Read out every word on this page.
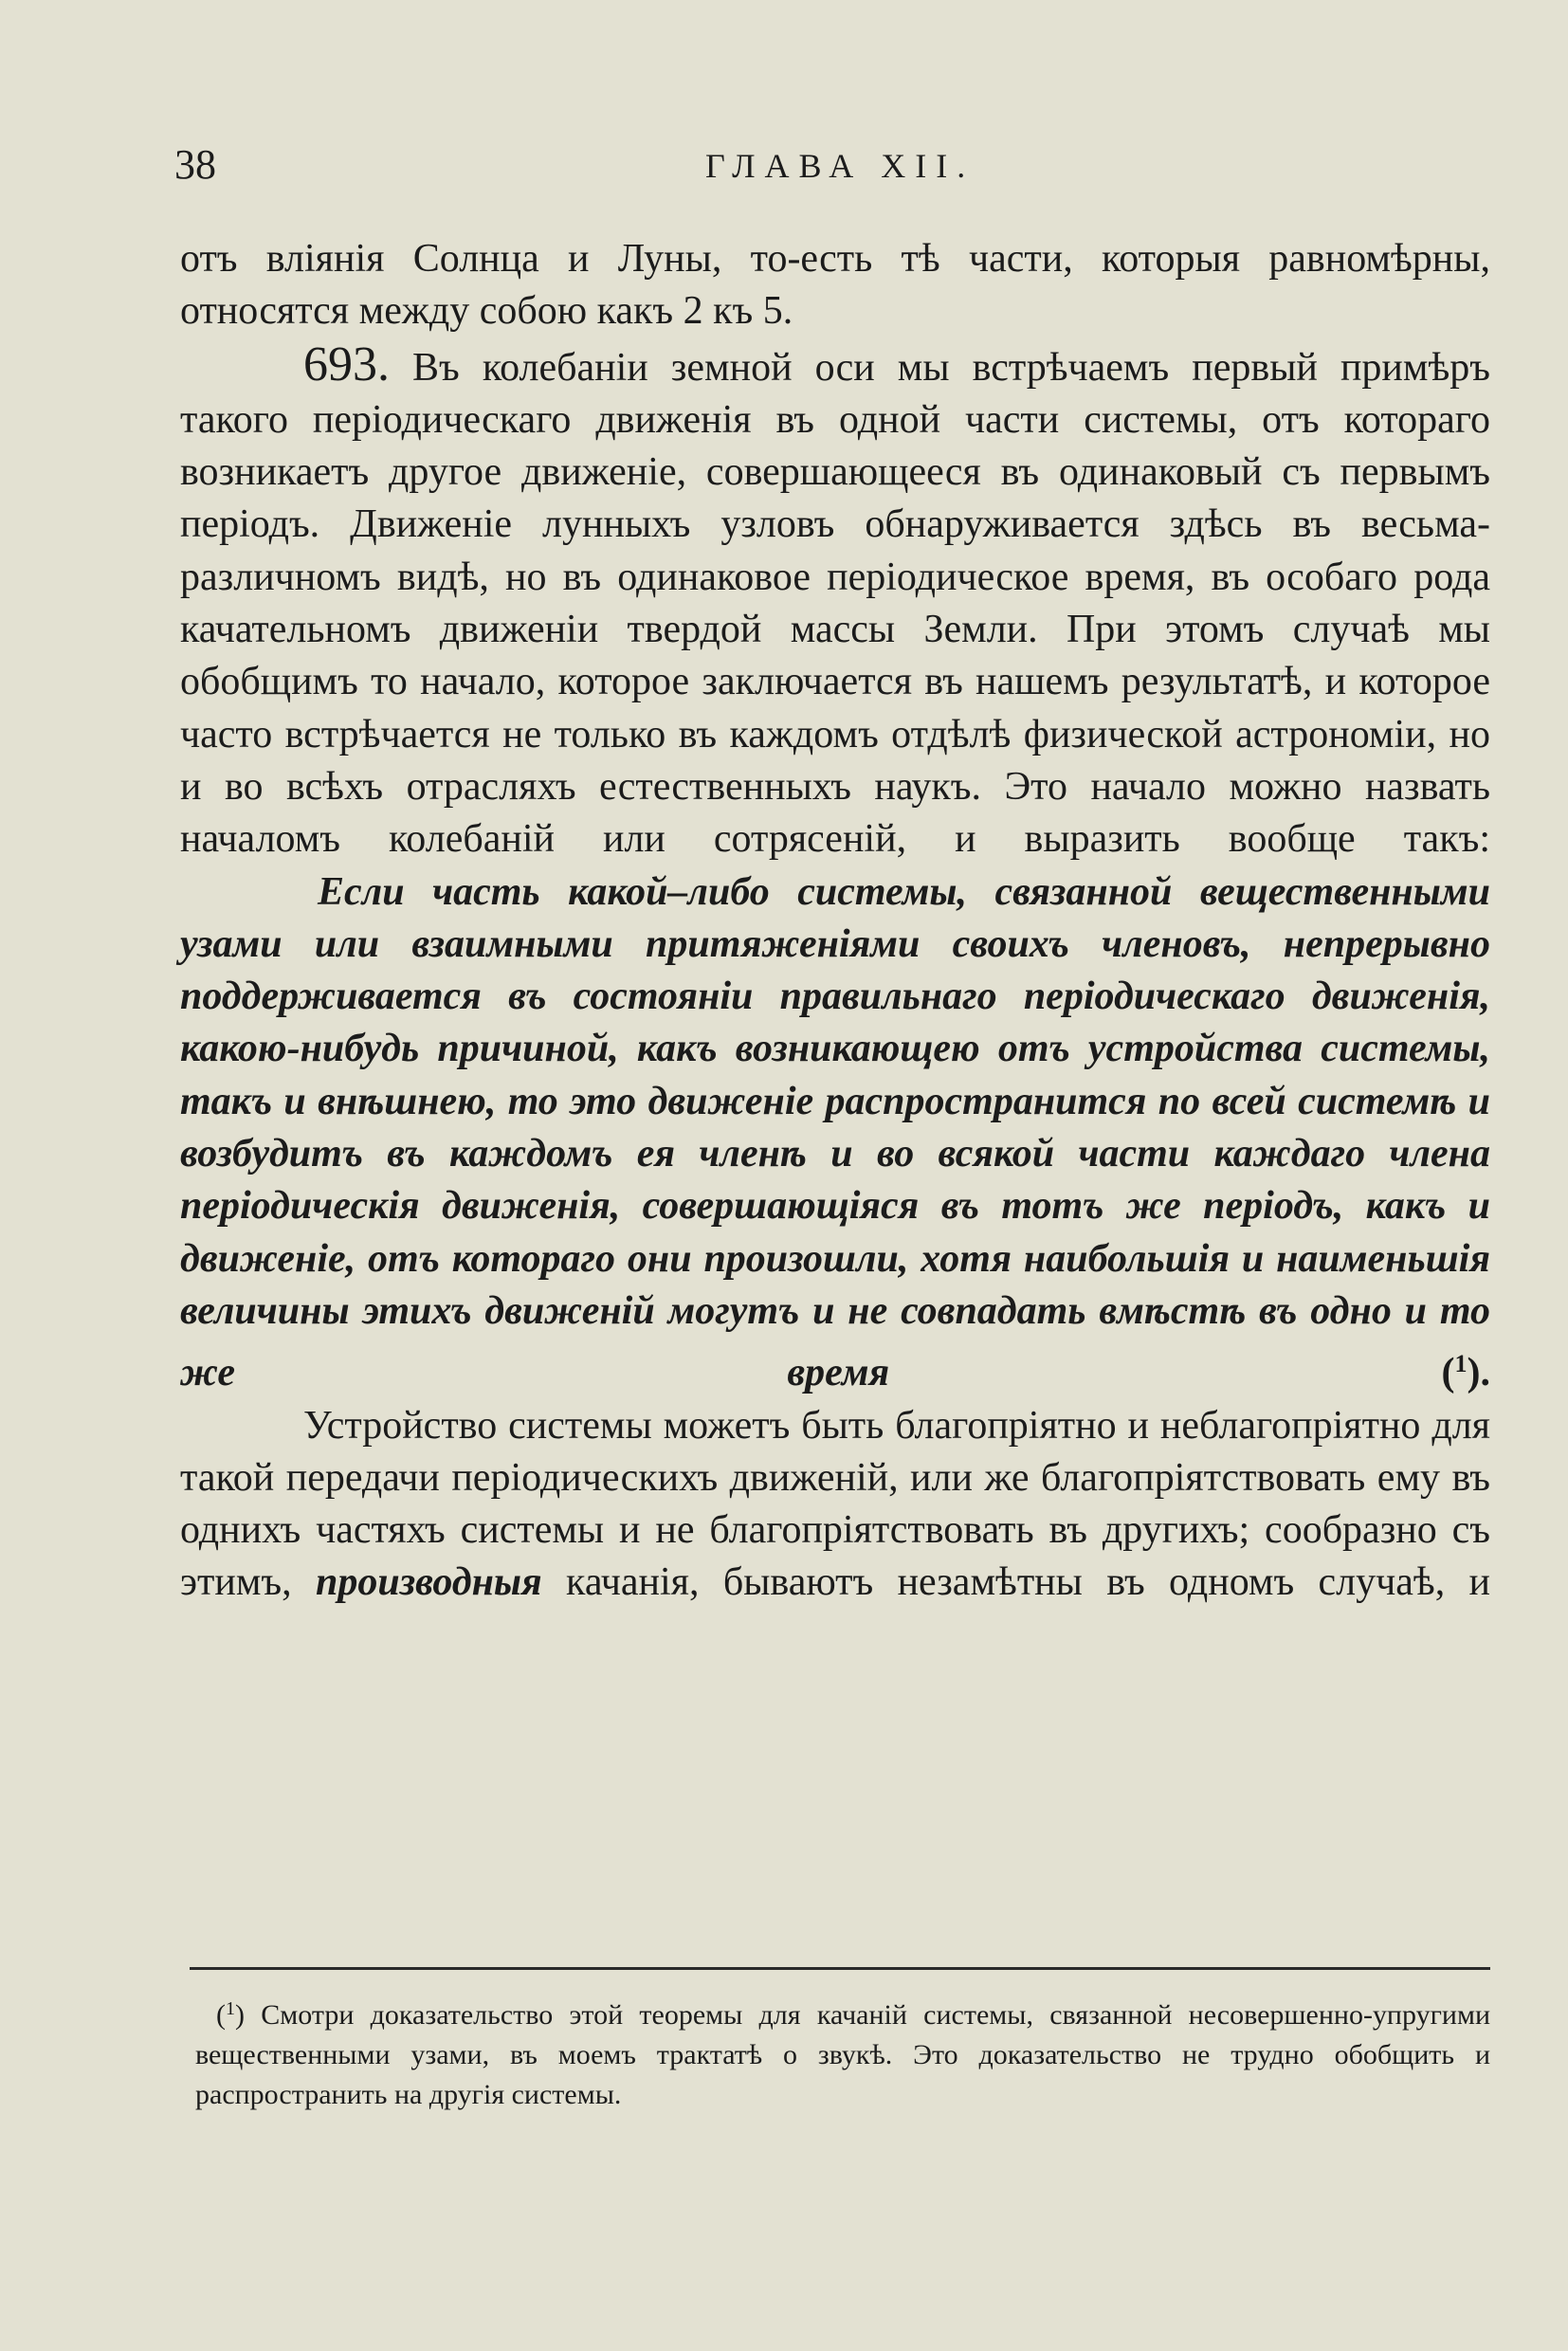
38	ГЛАВА XII.

отъ вліянія Солнца и Луны, то-есть тѣ части, которыя равномѣрны, относятся между собою какъ 2 къ 5.

693. Въ колебаніи земной оси мы встрѣчаемъ первый примѣръ такого періодическаго движенія въ одной части системы, отъ котораго возникаетъ другое движеніе, совершающееся въ одинаковый съ первымъ періодъ. Движеніе лунныхъ узловъ обнаруживается здѣсь въ весьма-различномъ видѣ, но въ одинаковое періодическое время, въ особаго рода качательномъ движеніи твердой массы Земли. При этомъ случаѣ мы обобщимъ то начало, которое заключается въ нашемъ результатѣ, и которое часто встрѣчается не только въ каждомъ отдѣлѣ физической астрономіи, но и во всѣхъ отрасляхъ естественныхъ наукъ. Это начало можно назвать началомъ колебаній или сотрясеній, и выразить вообще такъ:

Если часть какой–либо системы, связанной вещественными узами или взаимными притяженіями своихъ членовъ, непрерывно поддерживается въ состояніи правильнаго періодическаго движенія, какою-нибудь причиной, какъ возникающею отъ устройства системы, такъ и внѣшнею, то это движеніе распространится по всей системѣ и возбудитъ въ каждомъ ея членѣ и во всякой части каждаго члена періодическія движенія, совершающіяся въ тотъ же періодъ, какъ и движеніе, отъ котораго они произошли, хотя наибольшія и наименьшія величины этихъ движеній могутъ и не совпадать вмѣстѣ въ одно и то же время	($^1$).

Устройство системы можетъ быть благопріятно и неблагопріятно для такой передачи періодическихъ движеній, или же благопріятствовать ему въ однихъ частяхъ системы и не благопріятствовать въ другихъ; сообразно съ этимъ, производныя качанія, бываютъ незамѣтны въ одномъ случаѣ, и

($^1$) Смотри доказательство этой теоремы для качаній системы, связанной несовершенно-упругими вещественными узами, въ моемъ трактатѣ о звукѣ. Это доказательство не трудно обобщить и распространить на другія системы.
